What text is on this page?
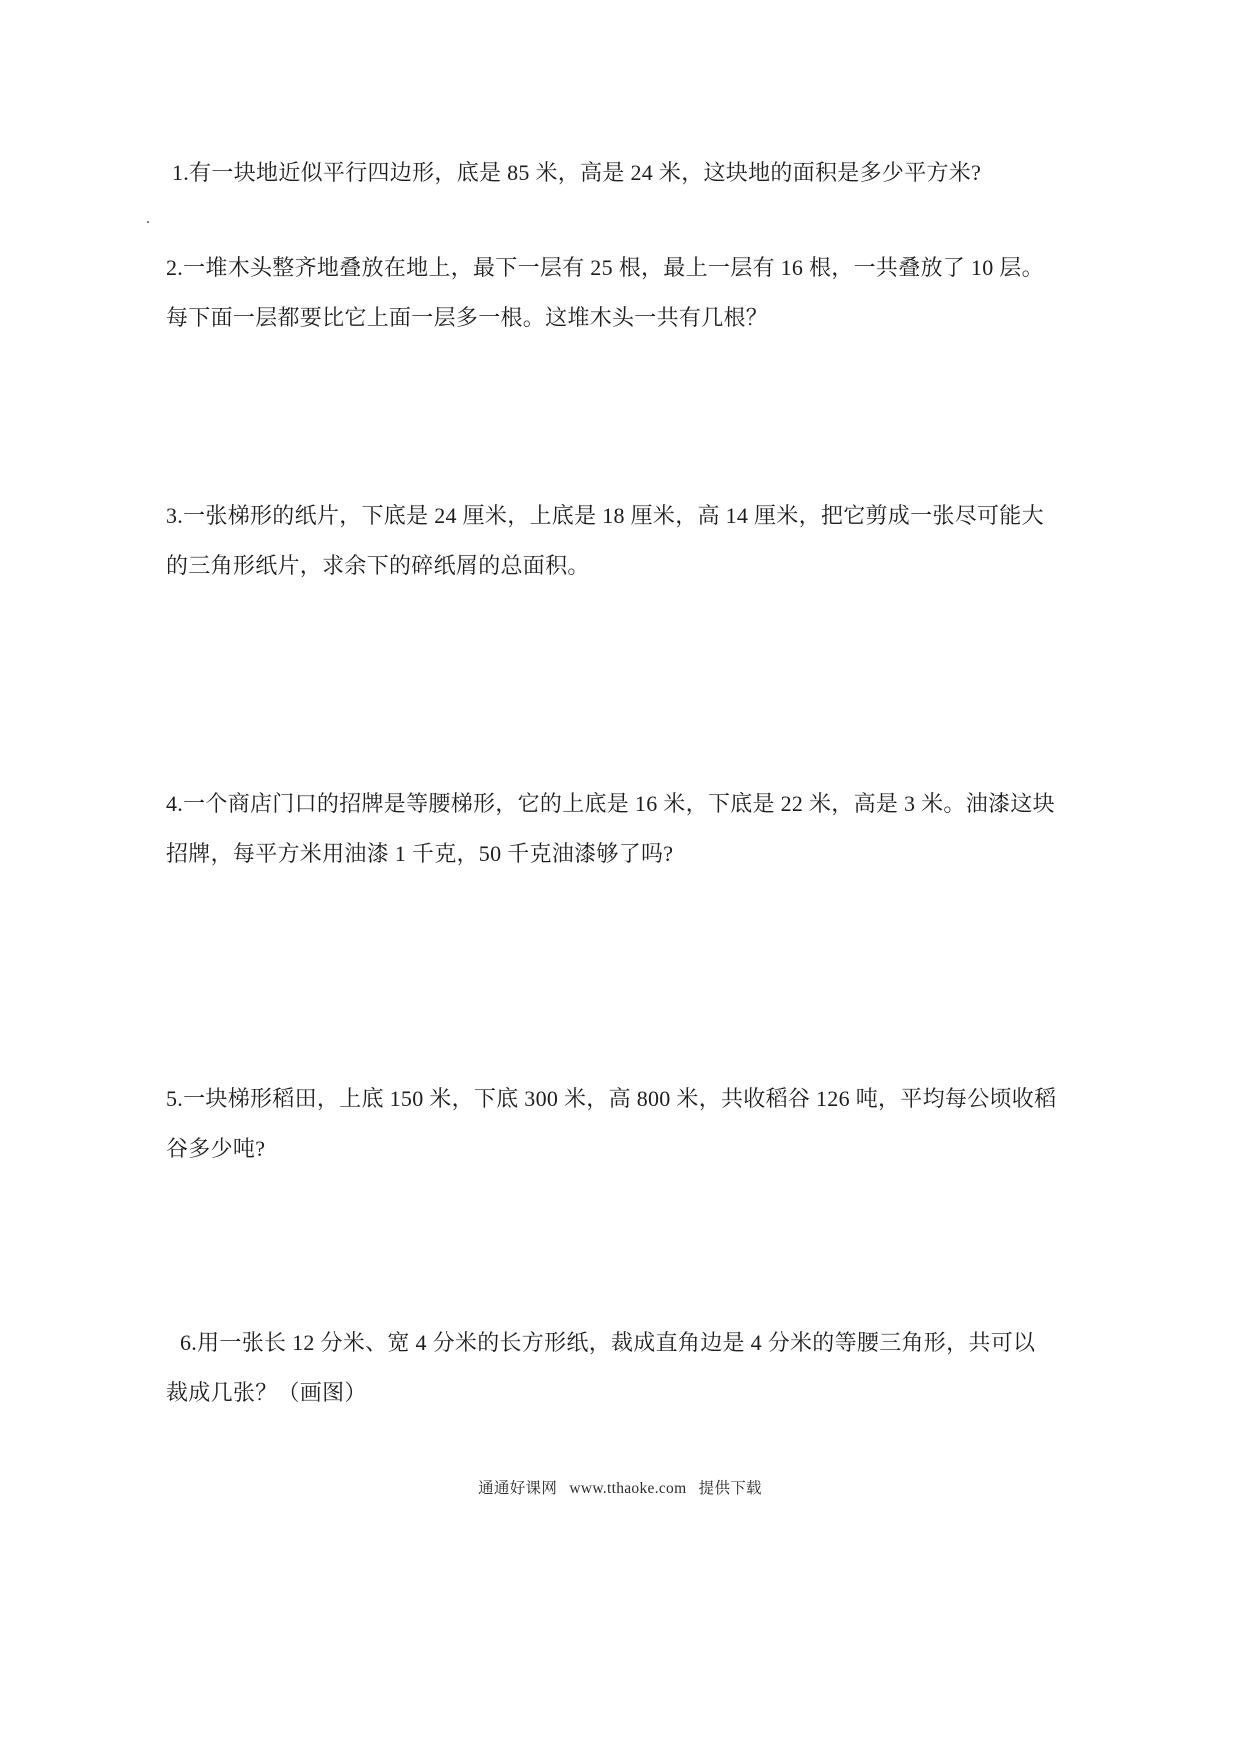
1.有一块地近似平行四边形，底是 85 米，高是 24 米，这块地的面积是多少平方米?
.
2.一堆木头整齐地叠放在地上，最下一层有 25 根，最上一层有 16 根，一共叠放了 10 层。
每下面一层都要比它上面一层多一根。这堆木头一共有几根？
3.一张梯形的纸片，下底是 24 厘米，上底是 18 厘米，高 14 厘米，把它剪成一张尽可能大
的三角形纸片，求余下的碎纸屑的总面积。
4.一个商店门口的招牌是等腰梯形，它的上底是 16 米，下底是 22 米，高是 3 米。油漆这块
招牌，每平方米用油漆 1 千克，50 千克油漆够了吗?
5.一块梯形稻田，上底 150 米，下底 300 米，高 800 米，共收稻谷 126 吨，平均每公顷收稻
谷多少吨?
6.用一张长 12 分米、宽 4 分米的长方形纸，裁成直角边是 4 分米的等腰三角形，共可以
裁成几张？（画图）
通通好课网 www.tthaoke.com 提供下载
